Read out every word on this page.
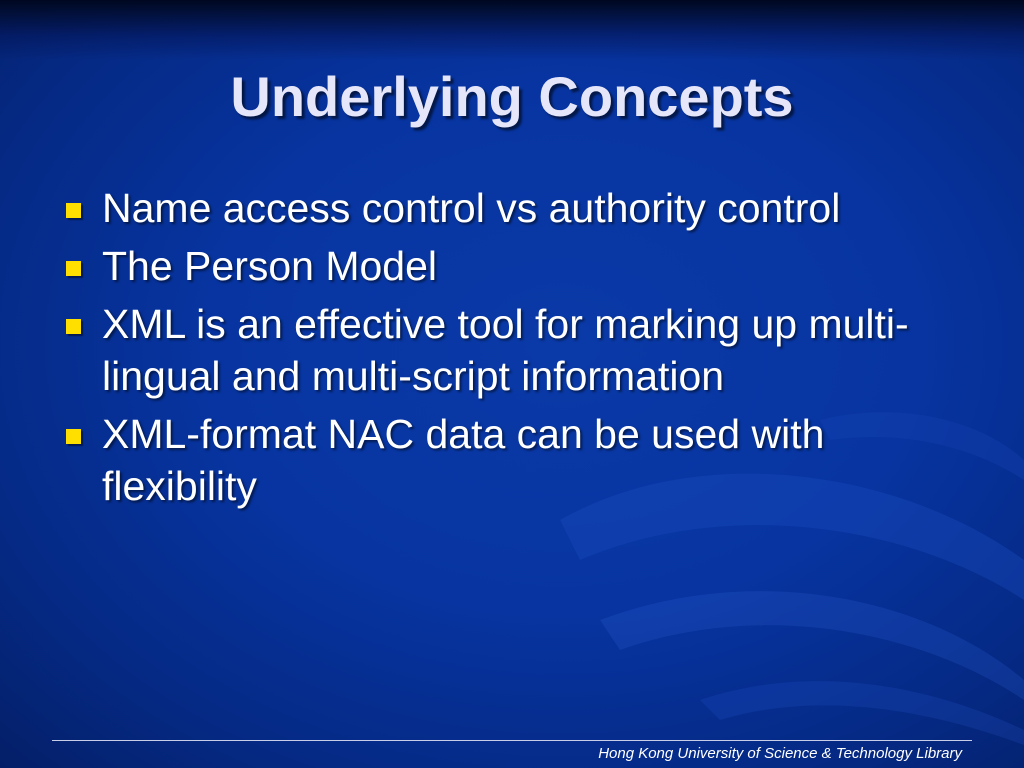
Underlying Concepts
Name access control vs authority control
The Person Model
XML is an effective tool for marking up multi-lingual and multi-script information
XML-format NAC data can be used with flexibility
Hong Kong University of Science & Technology Library
